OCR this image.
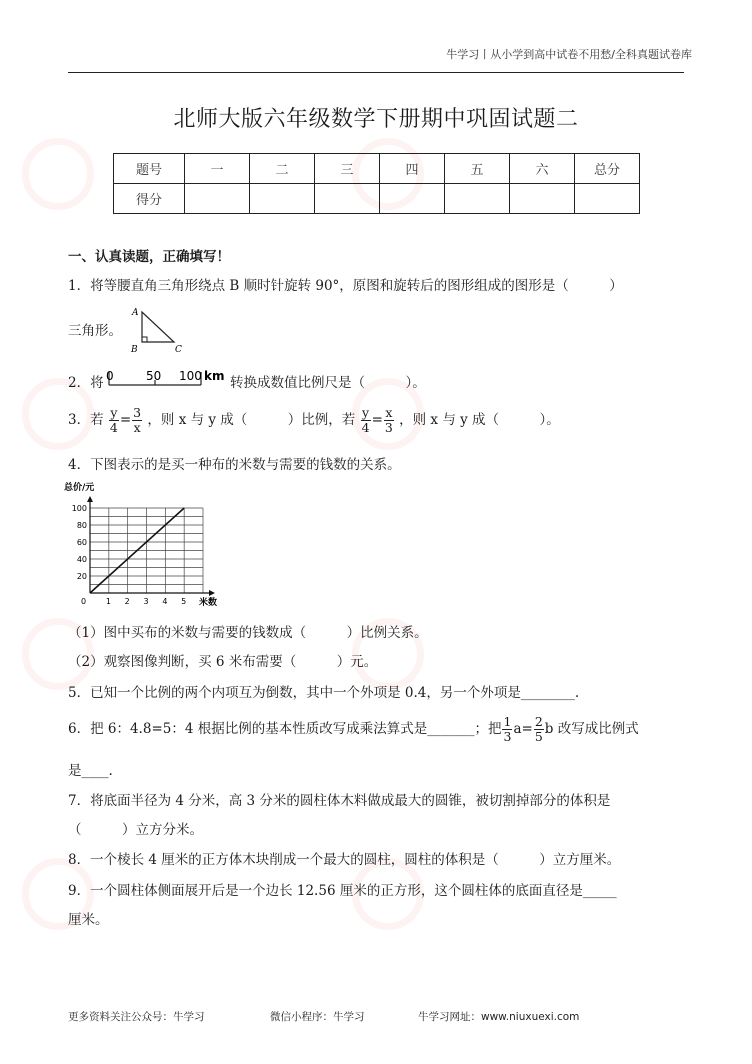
牛学习丨从小学到高中试卷不用愁/全科真题试卷库
北师大版六年级数学下册期中巩固试题二
题号	一	二	三	四	五	六	总分
得分							
一、认真读题，正确填写！
1．将等腰直角三角形绕点 B 顺时针旋转 90°，原图和旋转后的图形组成的图形是（　　　）
三角形。
A
B	C
2．将 0	50 100 km 转换成数值比例尺是（　　　）。
3．若 $\frac{y}{4} = \frac{3}{x}$ ，则 x 与 y 成（　　　）比例，若 $\frac{y}{4} = \frac{x}{3}$ ，则 x 与 y 成（　　　）。
4．下图表示的是买一种布的米数与需要的钱数的关系。
0 1 2 3 4 5
20
40
60
80
100
总价/元
米数
（1）图中买布的米数与需要的钱数成（　　　）比例关系。
（2）观察图像判断，买 6 米布需要（　　　）元。
5．已知一个比例的两个内项互为倒数，其中一个外项是 0.4，另一个外项是________.
6．把 6：4.8=5：4 根据比例的基本性质改写成乘法算式是_______；把 $\frac{1}{3} a= \frac{2}{5}$ b 改写成比例式
是____.
7．将底面半径为 4 分米，高 3 分米的圆柱体木料做成最大的圆锥，被切割掉部分的体积是
（　　　）立方分米。
8．一个棱长 4 厘米的正方体木块削成一个最大的圆柱，圆柱的体积是（　　　）立方厘米。
9．一个圆柱体侧面展开后是一个边长 12.56 厘米的正方形，这个圆柱体的底面直径是_____
厘米。
更多资料关注公众号：牛学习	微信小程序：牛学习	牛学习网址：www.niuxuexi.com
